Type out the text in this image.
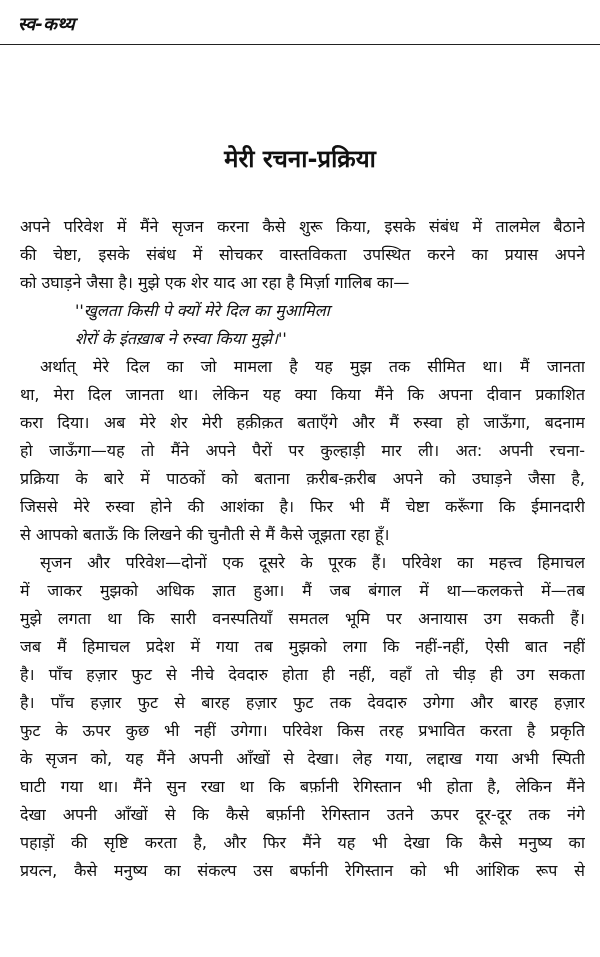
स्व-कथ्य
मेरी रचना-प्रक्रिया
अपने परिवेश में मैंने सृजन करना कैसे शुरू किया, इसके संबंध में तालमेल बैठाने
की चेष्टा, इसके संबंध में सोचकर वास्तविकता उपस्थित करने का प्रयास अपने
को उघाड़ने जैसा है। मुझे एक शेर याद आ रहा है मिर्ज़ा गालिब का—
''खुलता किसी पे क्यों मेरे दिल का मुआमिला
शेरों के इंतख़ाब ने रुस्वा किया मुझे।''
अर्थात् मेरे दिल का जो मामला है यह मुझ तक सीमित था। मैं जानता
था, मेरा दिल जानता था। लेकिन यह क्या किया मैंने कि अपना दीवान प्रकाशित
करा दिया। अब मेरे शेर मेरी हक़ीक़त बताएँगे और मैं रुस्वा हो जाऊँगा, बदनाम
हो जाऊँगा—यह तो मैंने अपने पैरों पर कुल्हाड़ी मार ली। अत: अपनी रचना-
प्रक्रिया के बारे में पाठकों को बताना क़रीब-क़रीब अपने को उघाड़ने जैसा है,
जिससे मेरे रुस्वा होने की आशंका है। फिर भी मैं चेष्टा करूँगा कि ईमानदारी
से आपको बताऊँ कि लिखने की चुनौती से मैं कैसे जूझता रहा हूँ।
सृजन और परिवेश—दोनों एक दूसरे के पूरक हैं। परिवेश का महत्त्व हिमाचल
में जाकर मुझको अधिक ज्ञात हुआ। मैं जब बंगाल में था—कलकत्ते में—तब
मुझे लगता था कि सारी वनस्पतियाँ समतल भूमि पर अनायास उग सकती हैं।
जब मैं हिमाचल प्रदेश में गया तब मुझको लगा कि नहीं-नहीं, ऐसी बात नहीं
है। पाँच हज़ार फुट से नीचे देवदारु होता ही नहीं, वहाँ तो चीड़ ही उग सकता
है। पाँच हज़ार फुट से बारह हज़ार फुट तक देवदारु उगेगा और बारह हज़ार
फुट के ऊपर कुछ भी नहीं उगेगा। परिवेश किस तरह प्रभावित करता है प्रकृति
के सृजन को, यह मैंने अपनी आँखों से देखा। लेह गया, लद्दाख गया अभी स्पिती
घाटी गया था। मैंने सुन रखा था कि बर्फ़ानी रेगिस्तान भी होता है, लेकिन मैंने
देखा अपनी आँखों से कि कैसे बर्फ़ानी रेगिस्तान उतने ऊपर दूर-दूर तक नंगे
पहाड़ों की सृष्टि करता है, और फिर मैंने यह भी देखा कि कैसे मनुष्य का
प्रयत्न, कैसे मनुष्य का संकल्प उस बर्फानी रेगिस्तान को भी आंशिक रूप से
